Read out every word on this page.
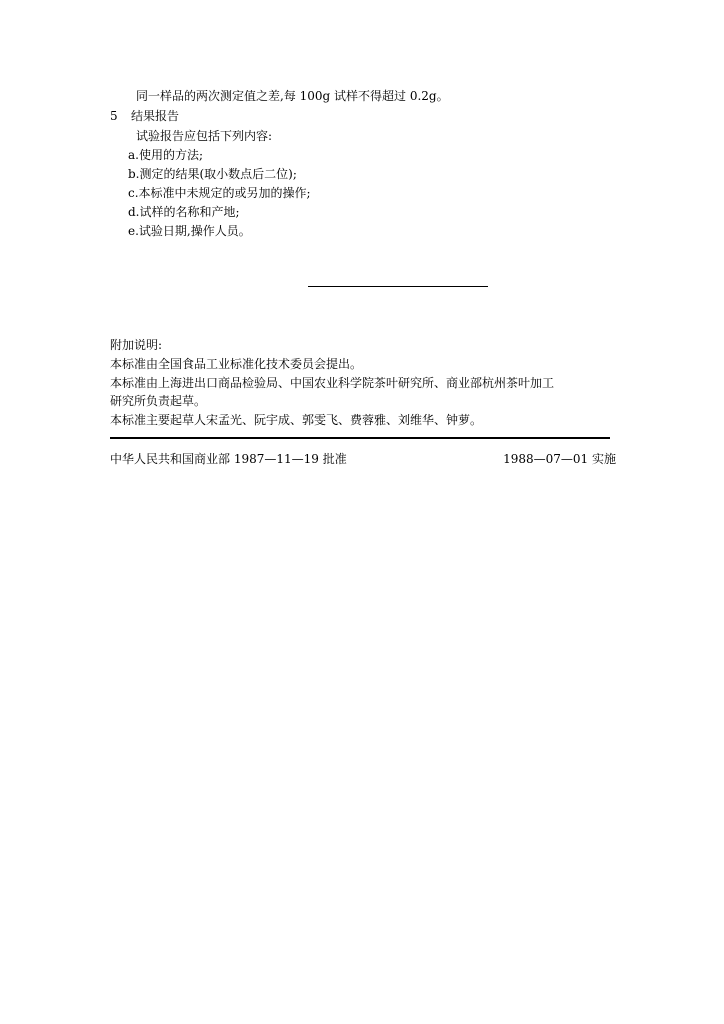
同一样品的两次测定值之差,每 100g 试样不得超过 0.2g。
5 结果报告
试验报告应包括下列内容:
a.使用的方法;
b.测定的结果(取小数点后二位);
c.本标准中未规定的或另加的操作;
d.试样的名称和产地;
e.试验日期,操作人员。
附加说明:
本标准由全国食品工业标准化技术委员会提出。
本标准由上海进出口商品检验局、中国农业科学院茶叶研究所、商业部杭州茶叶加工
研究所负责起草。
本标准主要起草人宋孟光、阮宇成、郭雯飞、费蓉雅、刘维华、钟萝。
中华人民共和国商业部 1987—11—19 批准	1988—07—01 实施
